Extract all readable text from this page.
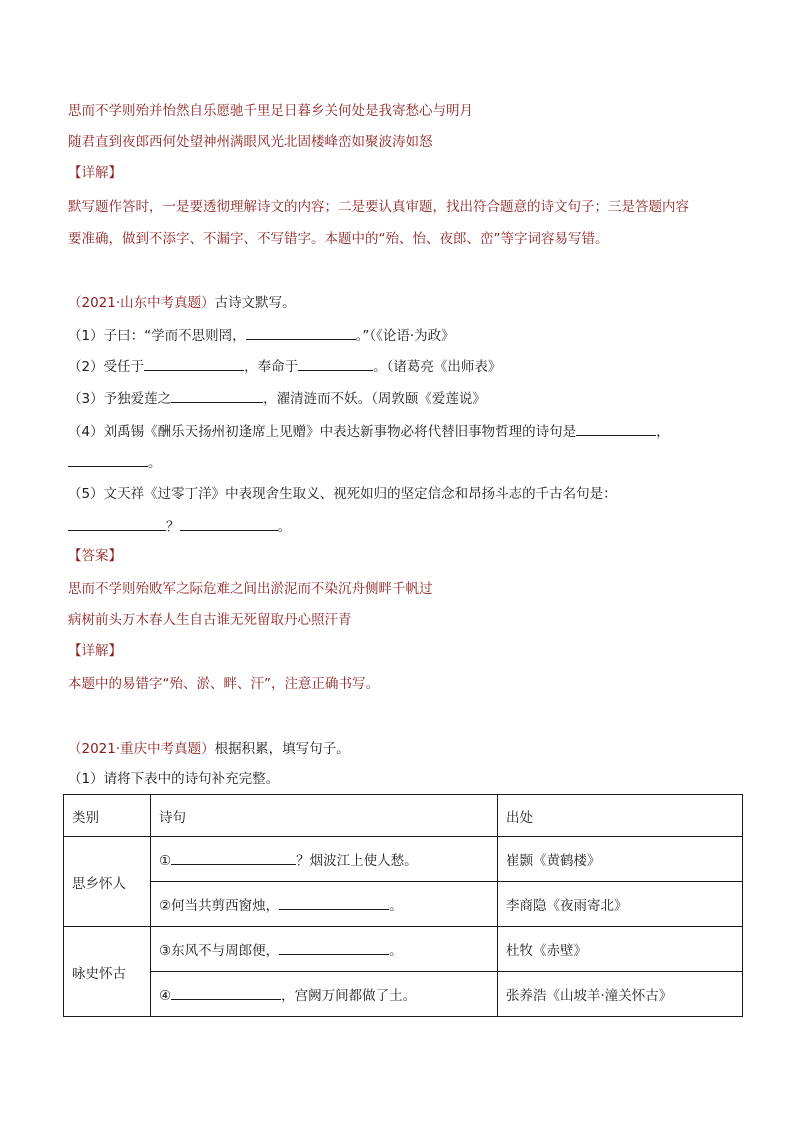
思而不学则殆并怡然自乐愿驰千里足日暮乡关何处是我寄愁心与明月
随君直到夜郎西何处望神州满眼风光北固楼峰峦如聚波涛如怒
【详解】
默写题作答时，一是要透彻理解诗文的内容；二是要认真审题，找出符合题意的诗文句子；三是答题内容
要准确，做到不添字、不漏字、不写错字。本题中的“殆、怡、夜郎、峦”等字词容易写错。
（2021·山东中考真题）古诗文默写。
（1）子曰：“学而不思则罔，	。”（《论语·为政》
（2）受任于	，奉命于	。（诸葛亮《出师表》
（3）予独爱莲之	，濯清涟而不妖。（周敦颐《爱莲说》
（4）刘禹锡《酬乐天扬州初逢席上见赠》中表达新事物必将代替旧事物哲理的诗句是	，
。
（5）文天祥《过零丁洋》中表现舍生取义、视死如归的坚定信念和昂扬斗志的千古名句是：
？	。
【答案】
思而不学则殆败军之际危难之间出淤泥而不染沉舟侧畔千帆过
病树前头万木春人生自古谁无死留取丹心照汗青
【详解】
本题中的易错字“殆、淤、畔、汗”，注意正确书写。
（2021·重庆中考真题）根据积累，填写句子。
（1）请将下表中的诗句补充完整。
类别	诗句	出处
思乡怀人	① ？烟波江上使人愁。	崔颢《黄鹤楼》
	②何当共剪西窗烛， 。	李商隐《夜雨寄北》
咏史怀古	③东风不与周郎便， 。	杜牧《赤壁》
	④ ，宫阙万间都做了土。	张养浩《山坡羊·潼关怀古》
